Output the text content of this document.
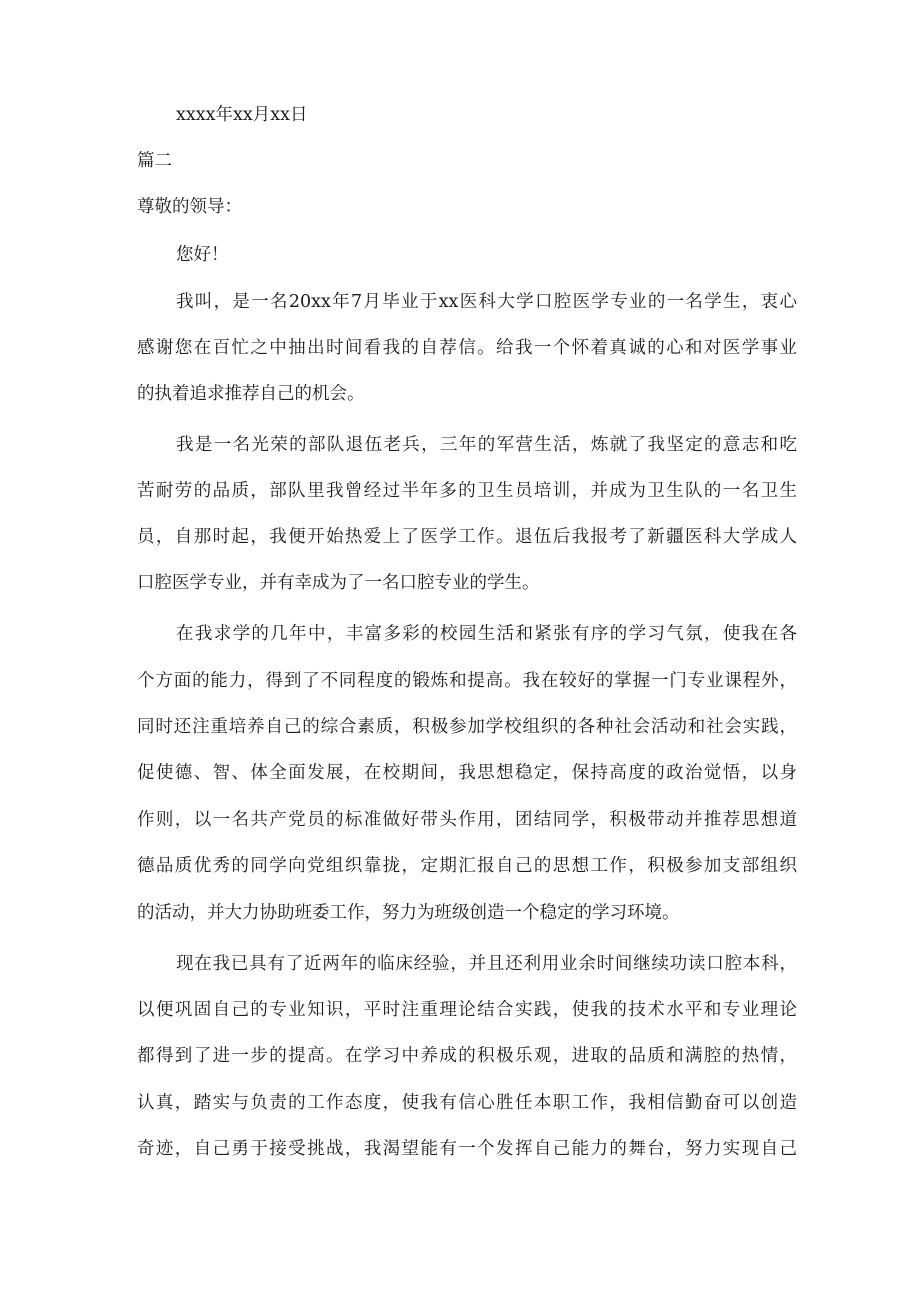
xxxx年xx月xx日
篇二
尊敬的领导：
您好！
我叫，是一名20xx年7月毕业于xx医科大学口腔医学专业的一名学生，衷心
感谢您在百忙之中抽出时间看我的自荐信。给我一个怀着真诚的心和对医学事业
的执着追求推荐自己的机会。
我是一名光荣的部队退伍老兵，三年的军营生活，炼就了我坚定的意志和吃
苦耐劳的品质，部队里我曾经过半年多的卫生员培训，并成为卫生队的一名卫生
员，自那时起，我便开始热爱上了医学工作。退伍后我报考了新疆医科大学成人
口腔医学专业，并有幸成为了一名口腔专业的学生。
在我求学的几年中，丰富多彩的校园生活和紧张有序的学习气氛，使我在各
个方面的能力，得到了不同程度的锻炼和提高。我在较好的掌握一门专业课程外，
同时还注重培养自己的综合素质，积极参加学校组织的各种社会活动和社会实践，
促使德、智、体全面发展，在校期间，我思想稳定，保持高度的政治觉悟，以身
作则，以一名共产党员的标准做好带头作用，团结同学，积极带动并推荐思想道
德品质优秀的同学向党组织靠拢，定期汇报自己的思想工作，积极参加支部组织
的活动，并大力协助班委工作，努力为班级创造一个稳定的学习环境。
现在我已具有了近两年的临床经验，并且还利用业余时间继续功读口腔本科，
以便巩固自己的专业知识，平时注重理论结合实践，使我的技术水平和专业理论
都得到了进一步的提高。在学习中养成的积极乐观，进取的品质和满腔的热情，
认真，踏实与负责的工作态度，使我有信心胜任本职工作，我相信勤奋可以创造
奇迹，自己勇于接受挑战，我渴望能有一个发挥自己能力的舞台，努力实现自己
